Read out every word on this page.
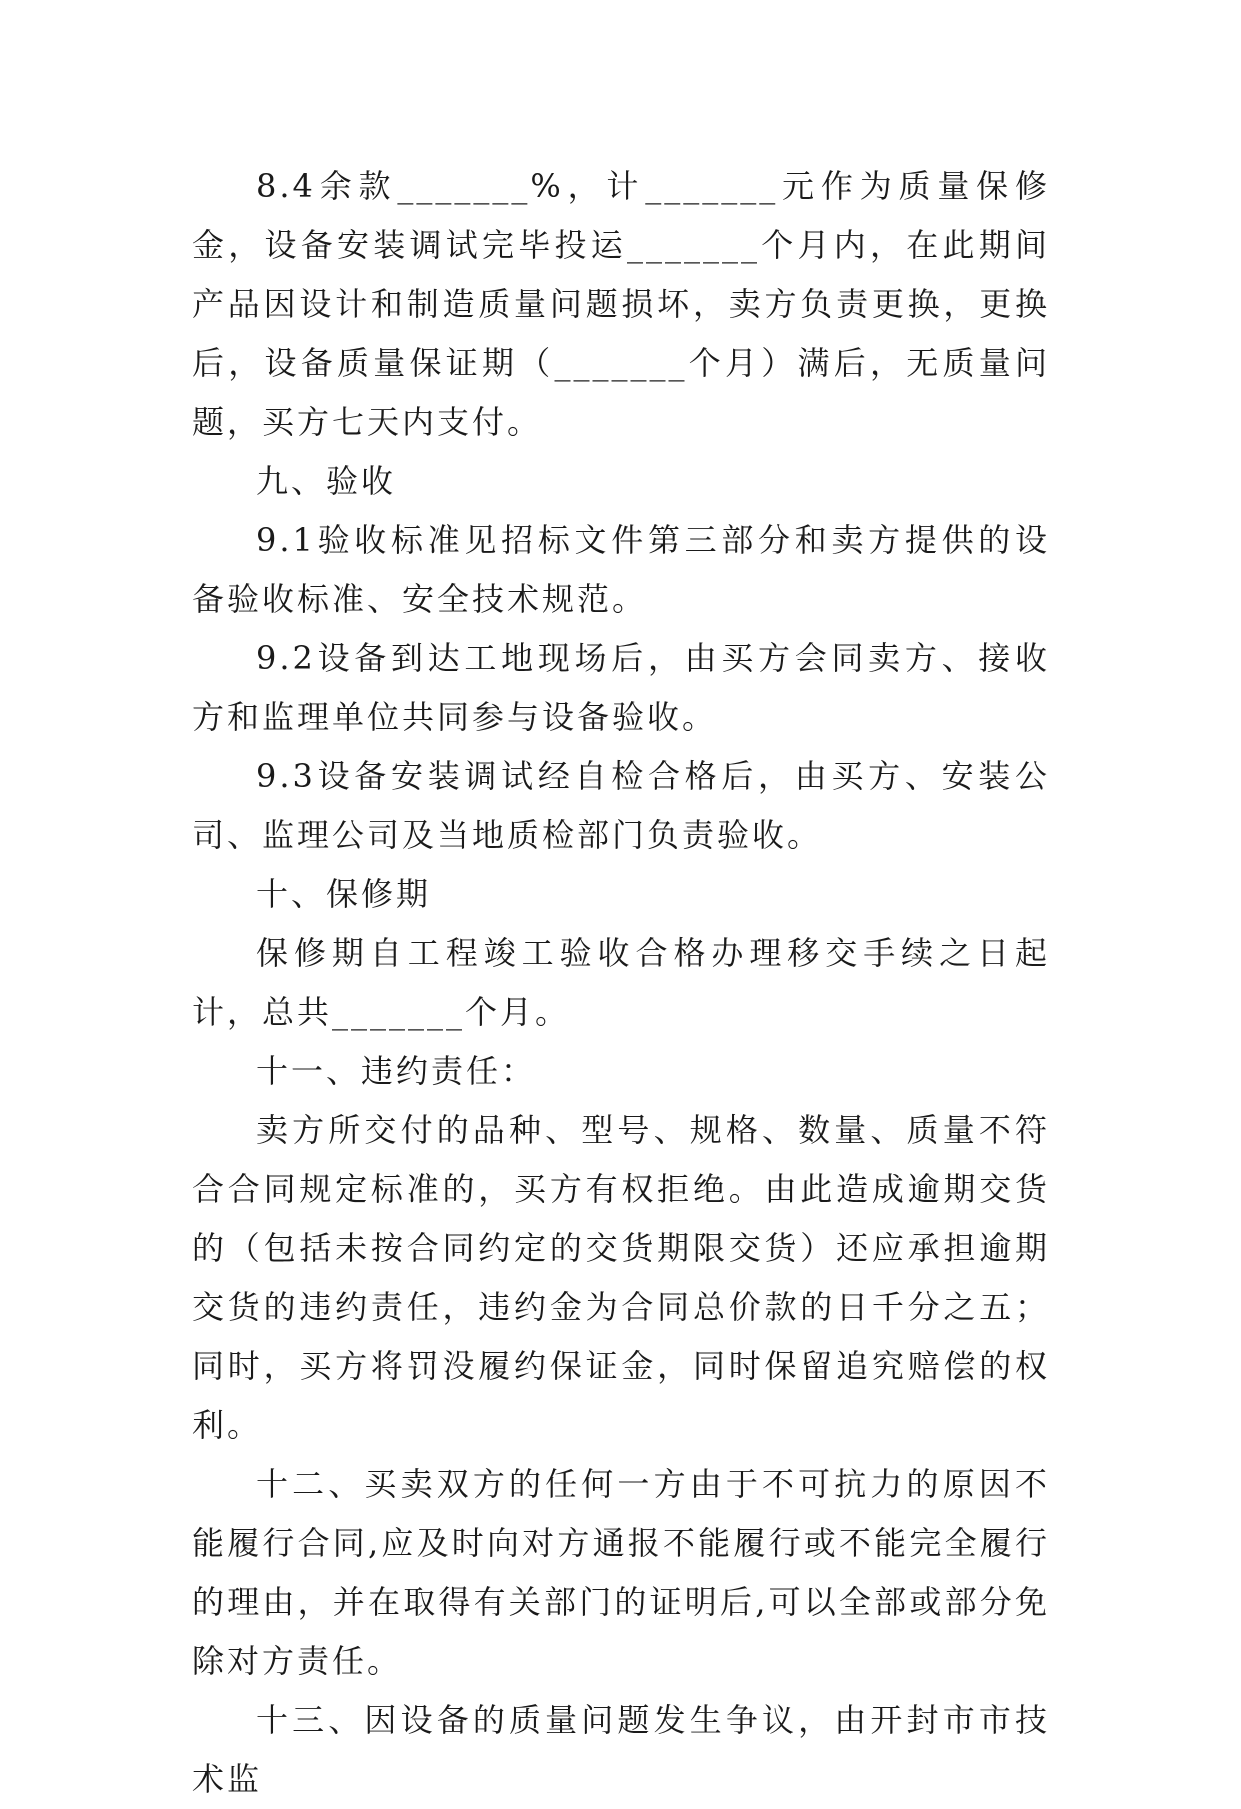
8.4余款_______%，计_______元作为质量保修金，设备安装调试完毕投运_______个月内，在此期间产品因设计和制造质量问题损坏，卖方负责更换，更换后，设备质量保证期（_______个月）满后，无质量问题，买方七天内支付。

九、验收

9.1验收标准见招标文件第三部分和卖方提供的设备验收标准、安全技术规范。

9.2设备到达工地现场后，由买方会同卖方、接收方和监理单位共同参与设备验收。

9.3设备安装调试经自检合格后，由买方、安装公司、监理公司及当地质检部门负责验收。

十、保修期

保修期自工程竣工验收合格办理移交手续之日起计，总共_______个月。

十一、违约责任：

卖方所交付的品种、型号、规格、数量、质量不符合合同规定标准的，买方有权拒绝。由此造成逾期交货的（包括未按合同约定的交货期限交货）还应承担逾期交货的违约责任，违约金为合同总价款的日千分之五；同时，买方将罚没履约保证金，同时保留追究赔偿的权利。

十二、买卖双方的任何一方由于不可抗力的原因不能履行合同,应及时向对方通报不能履行或不能完全履行的理由，并在取得有关部门的证明后,可以全部或部分免除对方责任。

十三、因设备的质量问题发生争议，由开封市市技术监
